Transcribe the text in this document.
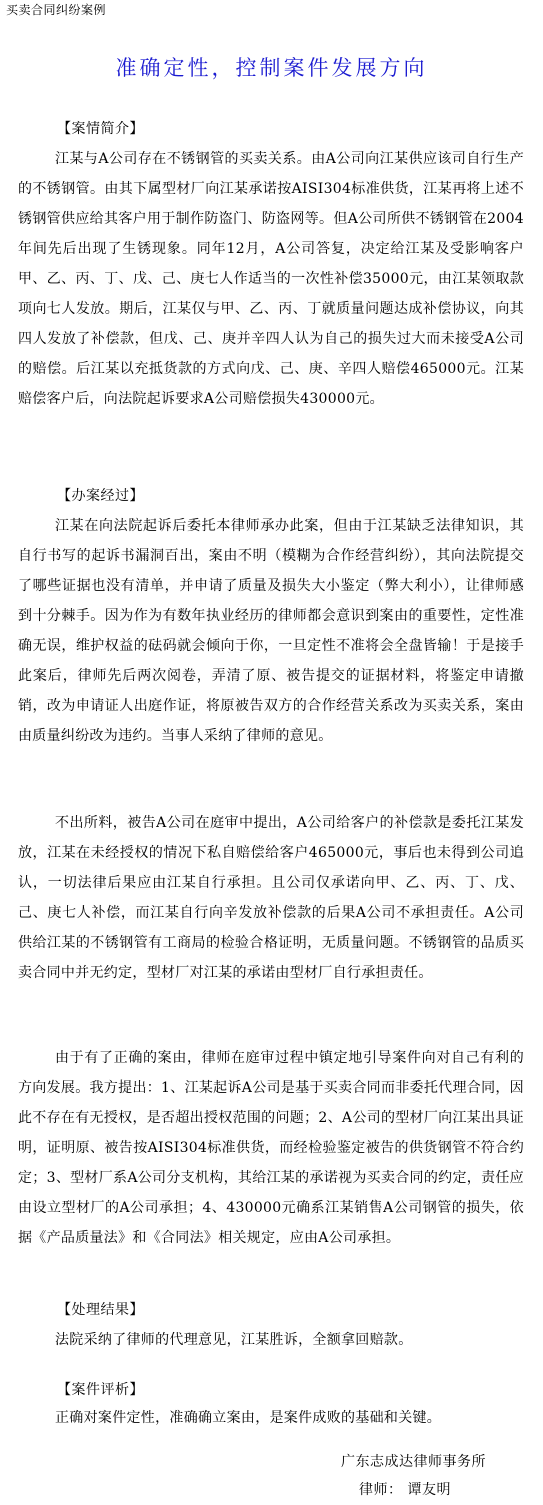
买卖合同纠纷案例
准确定性，控制案件发展方向
【案情简介】
江某与A公司存在不锈钢管的买卖关系。由A公司向江某供应该司自行生产的不锈钢管。由其下属型材厂向江某承诺按AISI304标准供货，江某再将上述不锈钢管供应给其客户用于制作防盗门、防盗网等。但A公司所供不锈钢管在2004年间先后出现了生锈现象。同年12月，A公司答复，决定给江某及受影响客户甲、乙、丙、丁、戊、己、庚七人作适当的一次性补偿35000元，由江某领取款项向七人发放。期后，江某仅与甲、乙、丙、丁就质量问题达成补偿协议，向其四人发放了补偿款，但戊、己、庚并辛四人认为自己的损失过大而未接受A公司的赔偿。后江某以充抵货款的方式向戊、己、庚、辛四人赔偿465000元。江某赔偿客户后，向法院起诉要求A公司赔偿损失430000元。
【办案经过】
江某在向法院起诉后委托本律师承办此案，但由于江某缺乏法律知识，其自行书写的起诉书漏洞百出，案由不明（模糊为合作经营纠纷），其向法院提交了哪些证据也没有清单，并申请了质量及损失大小鉴定（弊大利小），让律师感到十分棘手。因为作为有数年执业经历的律师都会意识到案由的重要性，定性准确无误，维护权益的砝码就会倾向于你，一旦定性不准将会全盘皆输！于是接手此案后，律师先后两次阅卷，弄清了原、被告提交的证据材料，将鉴定申请撤销，改为申请证人出庭作证，将原被告双方的合作经营关系改为买卖关系，案由由质量纠纷改为违约。当事人采纳了律师的意见。
不出所料，被告A公司在庭审中提出，A公司给客户的补偿款是委托江某发放，江某在未经授权的情况下私自赔偿给客户465000元，事后也未得到公司追认，一切法律后果应由江某自行承担。且公司仅承诺向甲、乙、丙、丁、戊、己、庚七人补偿，而江某自行向辛发放补偿款的后果A公司不承担责任。A公司供给江某的不锈钢管有工商局的检验合格证明，无质量问题。不锈钢管的品质买卖合同中并无约定，型材厂对江某的承诺由型材厂自行承担责任。
由于有了正确的案由，律师在庭审过程中镇定地引导案件向对自己有利的方向发展。我方提出：1、江某起诉A公司是基于买卖合同而非委托代理合同，因此不存在有无授权，是否超出授权范围的问题；2、A公司的型材厂向江某出具证明，证明原、被告按AISI304标准供货，而经检验鉴定被告的供货钢管不符合约定；3、型材厂系A公司分支机构，其给江某的承诺视为买卖合同的约定，责任应由设立型材厂的A公司承担；4、430000元确系江某销售A公司钢管的损失，依据《产品质量法》和《合同法》相关规定，应由A公司承担。
【处理结果】
法院采纳了律师的代理意见，江某胜诉，全额拿回赔款。
【案件评析】
正确对案件定性，准确确立案由，是案件成败的基础和关键。
广东志成达律师事务所
律师： 谭友明
